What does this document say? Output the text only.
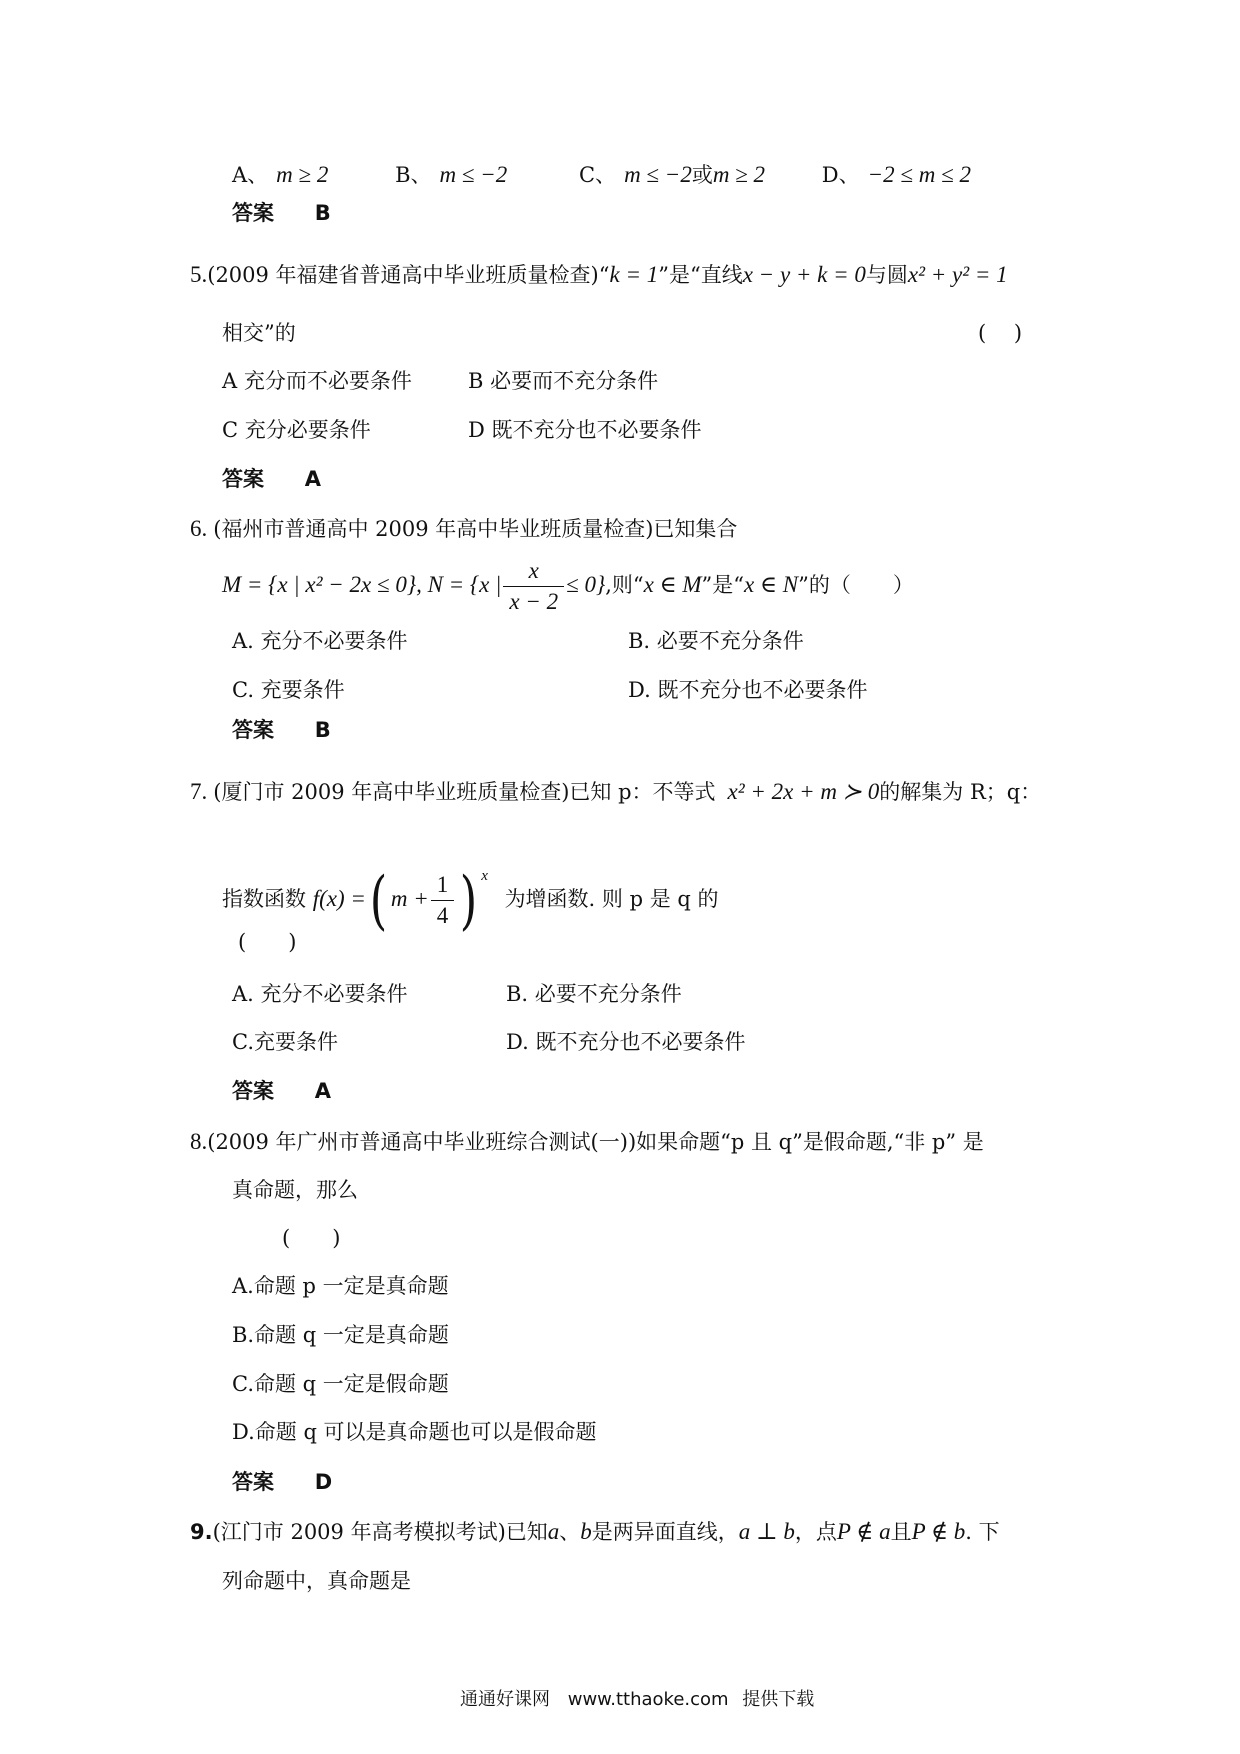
A、 m ≥ 2	B、 m ≤ −2	C、 m ≤ −2或m ≥ 2	D、 −2 ≤ m ≤ 2
答案 B
5.(2009 年福建省普通高中毕业班质量检查)“k = 1”是“直线x − y + k = 0与圆x² + y² = 1
相交”的	(　 )
A 充分而不必要条件	B 必要而不充分条件
C 充分必要条件	D 既不充分也不必要条件
答案 A
6. (福州市普通高中 2009 年高中毕业班质量检查)已知集合
M = {x | x² − 2x ≤ 0}, N = {x | $\frac{x}{x - 2} \le 0$},则“x ∈ M”是“x ∈ N”的（　　）
A. 充分不必要条件	B. 必要不充分条件
C. 充要条件	D. 既不充分也不必要条件
答案 B
7. (厦门市 2009 年高中毕业班质量检查)已知 p：不等式 x² + 2x + m ≻ 0的解集为 R；q：
指数函数 f(x) =( $m + \frac{1}{4}$ ) $^x$ 为增函数. 则 p 是 q 的
(　　)
A. 充分不必要条件	B. 必要不充分条件
C.充要条件	D. 既不充分也不必要条件
答案 A
8.(2009 年广州市普通高中毕业班综合测试(一))如果命题“p 且 q”是假命题,“非 p” 是
真命题，那么
(　　)
A.命题 p 一定是真命题
B.命题 q 一定是真命题
C.命题 q 一定是假命题
D.命题 q 可以是真命题也可以是假命题
答案 D
9.(江门市 2009 年高考模拟考试)已知a、b是两异面直线，a ⊥ b，点P ∉ a且P ∉ b. 下
列命题中，真命题是
通通好课网 www.tthaoke.com 提供下载
